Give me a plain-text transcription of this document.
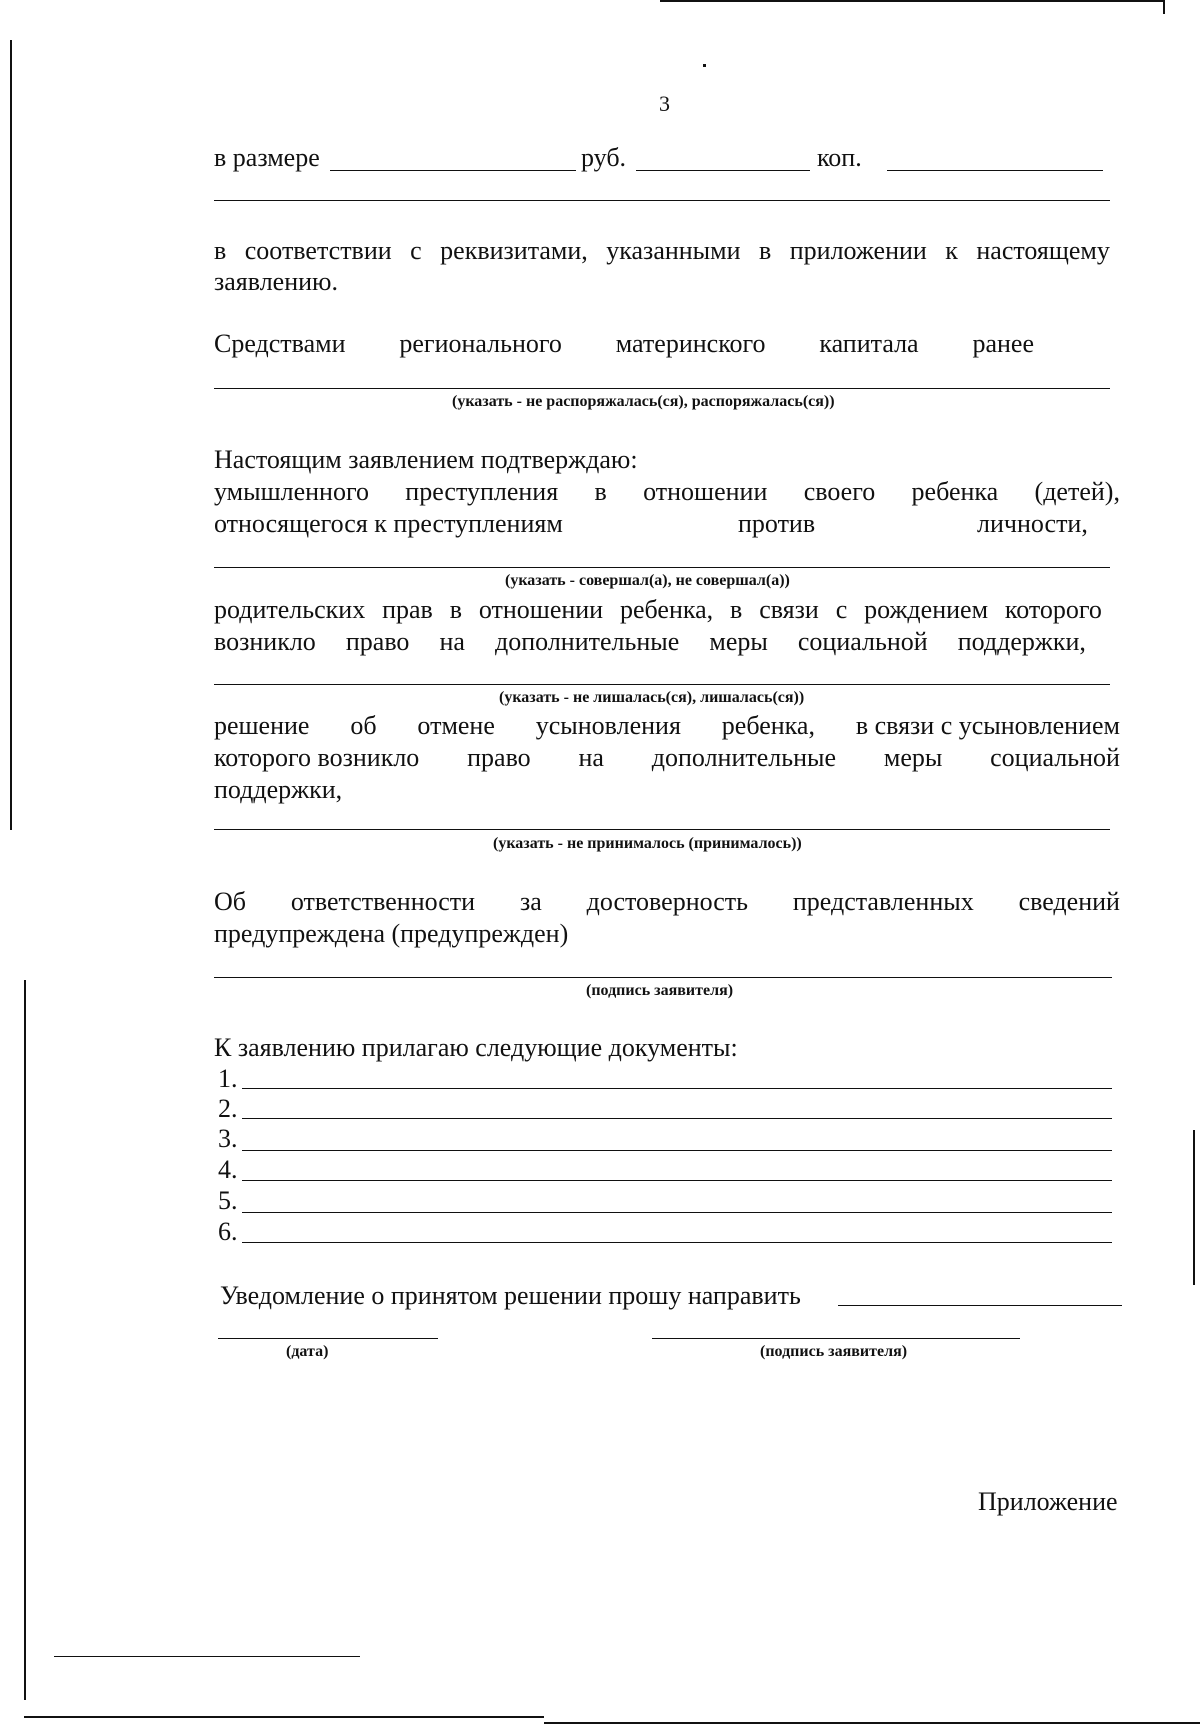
3
в размере	руб.	коп.
в соответствии с реквизитами, указанными в приложении к настоящему
заявлению.
Средствами регионального материнского капитала ранее
(указать - не распоряжалась(ся), распоряжалась(ся))
Настоящим заявлением подтверждаю:
умышленного преступления в отношении своего ребенка (детей),
относящегося к преступлениям	против	личности,
(указать - совершал(а), не совершал(а))
родительских прав в отношении ребенка, в связи с рождением которого
возникло право на дополнительные меры социальной поддержки,
(указать - не лишалась(ся), лишалась(ся))
решение об отмене усыновления ребенка, в связи с усыновлением
которого возникло право на дополнительные меры социальной
поддержки,
(указать - не принималось (принималось))
Об ответственности за достоверность представленных сведений
предупреждена (предупрежден)
(подпись заявителя)
К заявлению прилагаю следующие документы:
1.
2.
3.
4.
5.
6.
Уведомление о принятом решении прошу направить
(дата)	(подпись заявителя)
Приложение
